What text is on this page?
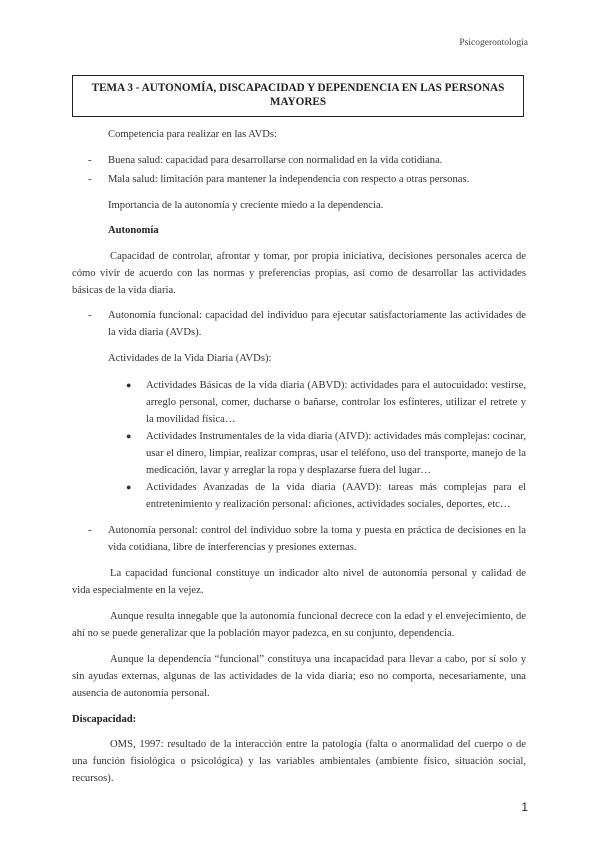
Psicogerontología
TEMA 3 - AUTONOMÍA, DISCAPACIDAD Y DEPENDENCIA EN LAS PERSONAS
MAYORES
Competencia para realizar en las AVDs:
- Buena salud: capacidad para desarrollarse con normalidad en la vida cotidiana.
- Mala salud: limitación para mantener la independencia con respecto a otras personas.
Importancia de la autonomía y creciente miedo a la dependencia.
Autonomía
Capacidad de controlar, afrontar y tomar, por propia iniciativa, decisiones personales acerca de cómo vivir de acuerdo con las normas y preferencias propias, así como de desarrollar las actividades básicas de la vida diaria.
- Autonomía funcional: capacidad del individuo para ejecutar satisfactoriamente las actividades de la vida diaria (AVDs).
Actividades de la Vida Diaria (AVDs):
● Actividades Básicas de la vida diaria (ABVD): actividades para el autocuidado: vestirse, arreglo personal, comer, ducharse o bañarse, controlar los esfínteres, utilizar el retrete y la movilidad física…
● Actividades Instrumentales de la vida diaria (AIVD): actividades más complejas: cocinar, usar el dinero, limpiar, realizar compras, usar el teléfono, uso del transporte, manejo de la medicación, lavar y arreglar la ropa y desplazarse fuera del lugar…
● Actividades Avanzadas de la vida diaria (AAVD): tareas más complejas para el entretenimiento y realización personal: aficiones, actividades sociales, deportes, etc…
- Autonomía personal: control del individuo sobre la toma y puesta en práctica de decisiones en la vida cotidiana, libre de interferencias y presiones externas.
La capacidad funcional constituye un indicador alto nivel de autonomía personal y calidad de vida especialmente en la vejez.
Aunque resulta innegable que la autonomía funcional decrece con la edad y el envejecimiento, de ahí no se puede generalizar que la población mayor padezca, en su conjunto, dependencia.
Aunque la dependencia “funcional” constituya una incapacidad para llevar a cabo, por sí solo y sin ayudas externas, algunas de las actividades de la vida diaria; eso no comporta, necesariamente, una ausencia de autonomía personal.
Discapacidad:
OMS, 1997: resultado de la interacción entre la patología (falta o anormalidad del cuerpo o de una función fisiológica o psicológica) y las variables ambientales (ambiente físico, situación social, recursos).
1
